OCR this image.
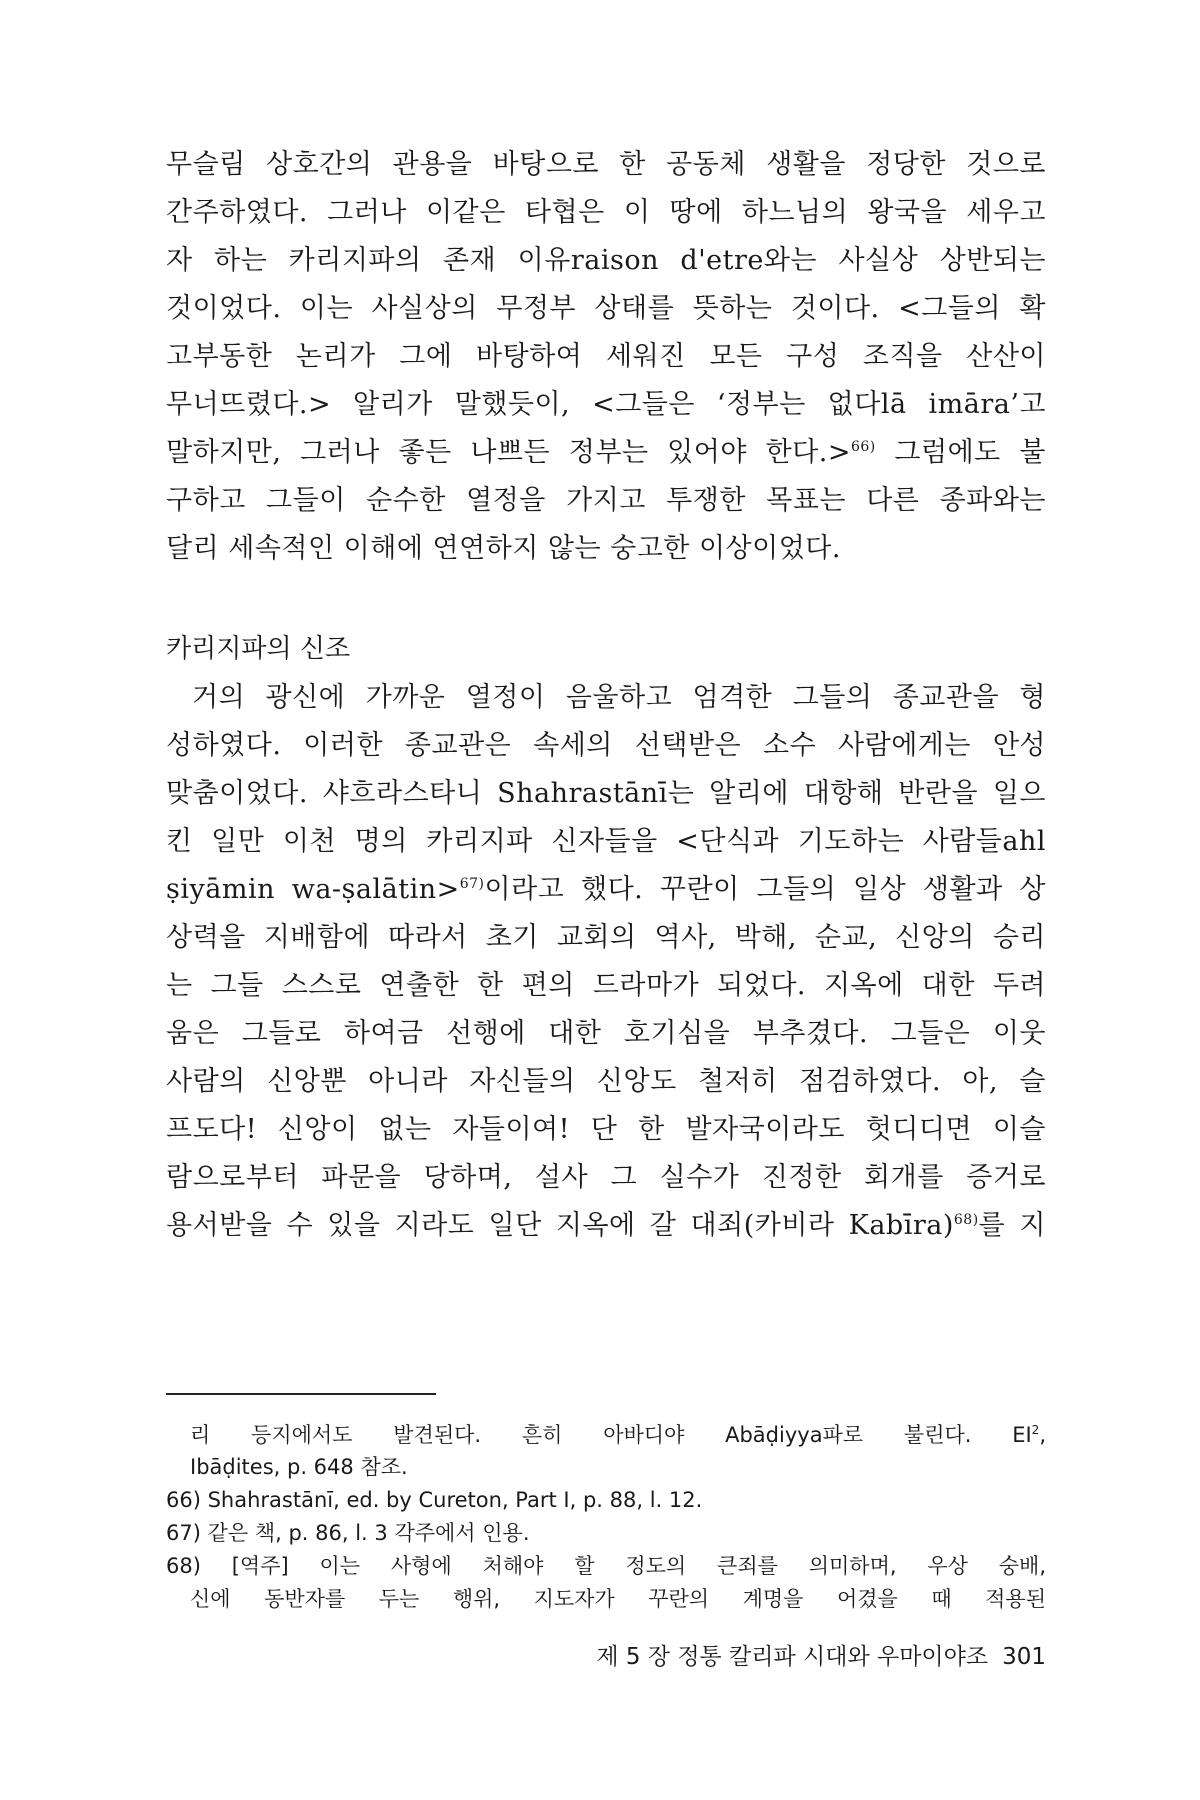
무슬림 상호간의 관용을 바탕으로 한 공동체 생활을 정당한 것으로
간주하였다. 그러나 이같은 타협은 이 땅에 하느님의 왕국을 세우고
자 하는 카리지파의 존재 이유raison d'etre와는 사실상 상반되는
것이었다. 이는 사실상의 무정부 상태를 뜻하는 것이다. <그들의 확
고부동한 논리가 그에 바탕하여 세워진 모든 구성 조직을 산산이
무너뜨렸다.> 알리가 말했듯이, <그들은 ‘정부는 없다lā imāra’고
말하지만, 그러나 좋든 나쁘든 정부는 있어야 한다.>$^{66)}$ 그럼에도 불
구하고 그들이 순수한 열정을 가지고 투쟁한 목표는 다른 종파와는
달리 세속적인 이해에 연연하지 않는 숭고한 이상이었다.
카리지파의 신조
거의 광신에 가까운 열정이 음울하고 엄격한 그들의 종교관을 형
성하였다. 이러한 종교관은 속세의 선택받은 소수 사람에게는 안성
맞춤이었다. 샤흐라스타니 Shahrastānī는 알리에 대항해 반란을 일으
킨 일만 이천 명의 카리지파 신자들을 <단식과 기도하는 사람들ahl
ṣiyāmin wa-ṣalātin>$^{67)}$이라고 했다. 꾸란이 그들의 일상 생활과 상
상력을 지배함에 따라서 초기 교회의 역사, 박해, 순교, 신앙의 승리
는 그들 스스로 연출한 한 편의 드라마가 되었다. 지옥에 대한 두려
움은 그들로 하여금 선행에 대한 호기심을 부추겼다. 그들은 이웃
사람의 신앙뿐 아니라 자신들의 신앙도 철저히 점검하였다. 아, 슬
프도다! 신앙이 없는 자들이여! 단 한 발자국이라도 헛디디면 이슬
람으로부터 파문을 당하며, 설사 그 실수가 진정한 회개를 증거로
용서받을 수 있을 지라도 일단 지옥에 갈 대죄(카비라 Kabīra)$^{68)}$를 지
리 등지에서도 발견된다. 흔히 아바디야 Abāḍiyya파로 불린다. $EI^2$,
Ibāḍites, p. 648 참조.
66) Shahrastānī, ed. by Cureton, Part Ⅰ, p. 88, l. 12.
67) 같은 책, p. 86, l. 3 각주에서 인용.
68) [역주] 이는 사형에 처해야 할 정도의 큰죄를 의미하며, 우상 숭배,
신에 동반자를 두는 행위, 지도자가 꾸란의 계명을 어겼을 때 적용된
제 5 장 정통 칼리파 시대와 우마이야조 301
